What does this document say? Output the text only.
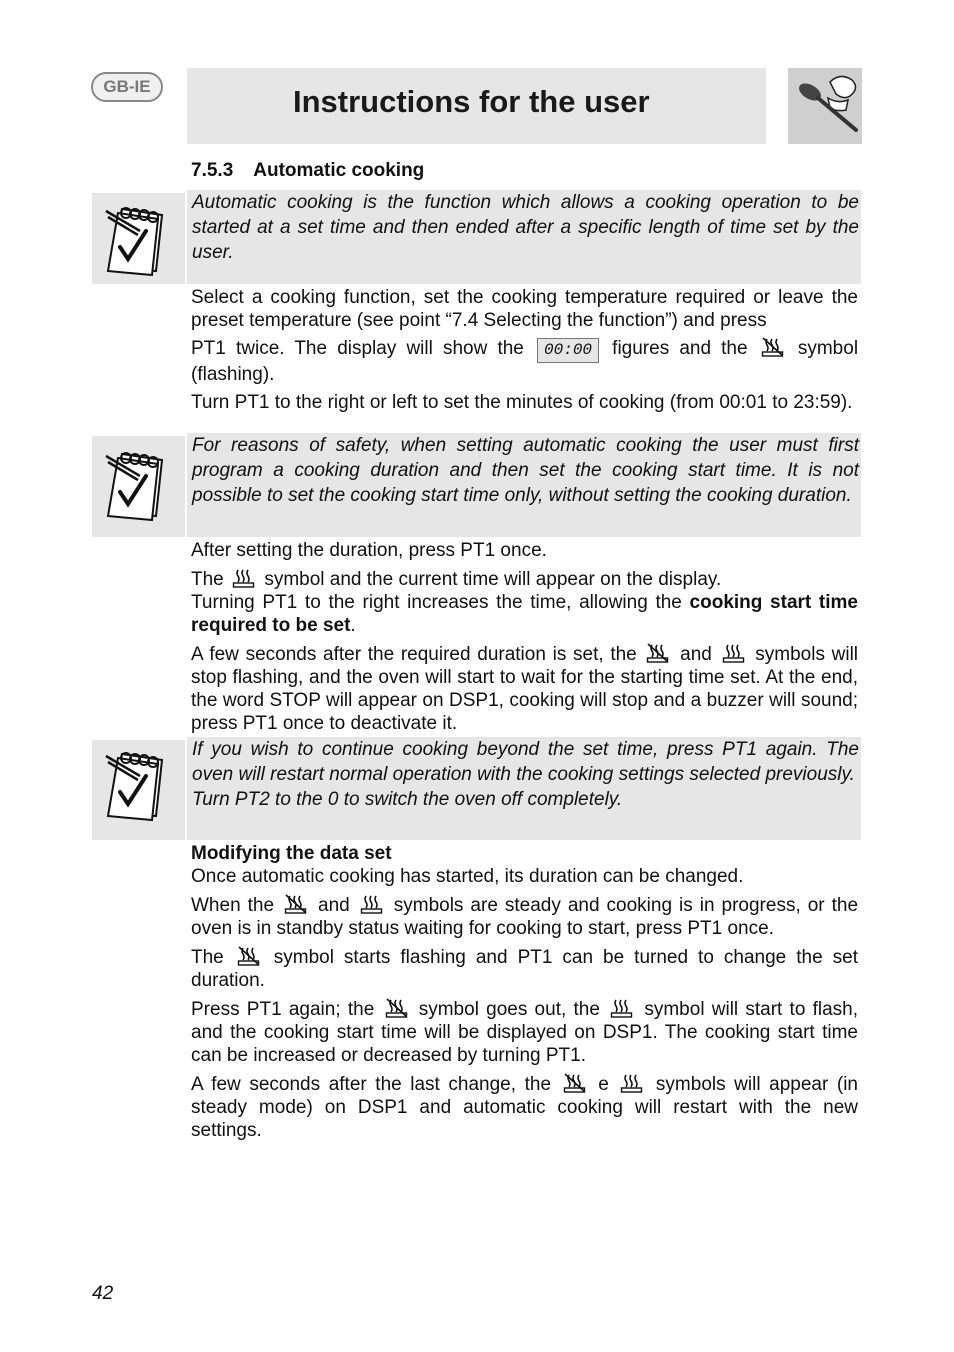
GB-IE	Instructions for the user
7.5.3 Automatic cooking

Automatic cooking is the function which allows a cooking operation to be started at a set time and then ended after a specific length of time set by the user.

Select a cooking function, set the cooking temperature required or leave the preset temperature (see point “7.4 Selecting the function”) and press

PT1 twice. The display will show the 00:00 figures and the	symbol (flashing).

Turn PT1 to the right or left to set the minutes of cooking (from 00:01 to 23:59).

For reasons of safety, when setting automatic cooking the user must first program a cooking duration and then set the cooking start time. It is not possible to set the cooking start time only, without setting the cooking duration.

After setting the duration, press PT1 once.

The symbol and the current time will appear on the display.

Turning PT1 to the right increases the time, allowing the cooking start time required to be set.

A few seconds after the required duration is set, the and symbols will stop flashing, and the oven will start to wait for the starting time set. At the end, the word STOP will appear on DSP1, cooking will stop and a buzzer will sound; press PT1 once to deactivate it.

If you wish to continue cooking beyond the set time, press PT1 again. The oven will restart normal operation with the cooking settings selected previously.

Turn PT2 to the 0 to switch the oven off completely.

Modifying the data set

Once automatic cooking has started, its duration can be changed.

When the and symbols are steady and cooking is in progress, or the oven is in standby status waiting for cooking to start, press PT1 once.

The	symbol starts flashing and PT1 can be turned to change the set duration.

Press PT1 again; the symbol goes out, the symbol will start to flash, and the cooking start time will be displayed on DSP1. The cooking start time can be increased or decreased by turning PT1.

A few seconds after the last change, the e symbols will appear (in steady mode) on DSP1 and automatic cooking will restart with the new settings.

42
